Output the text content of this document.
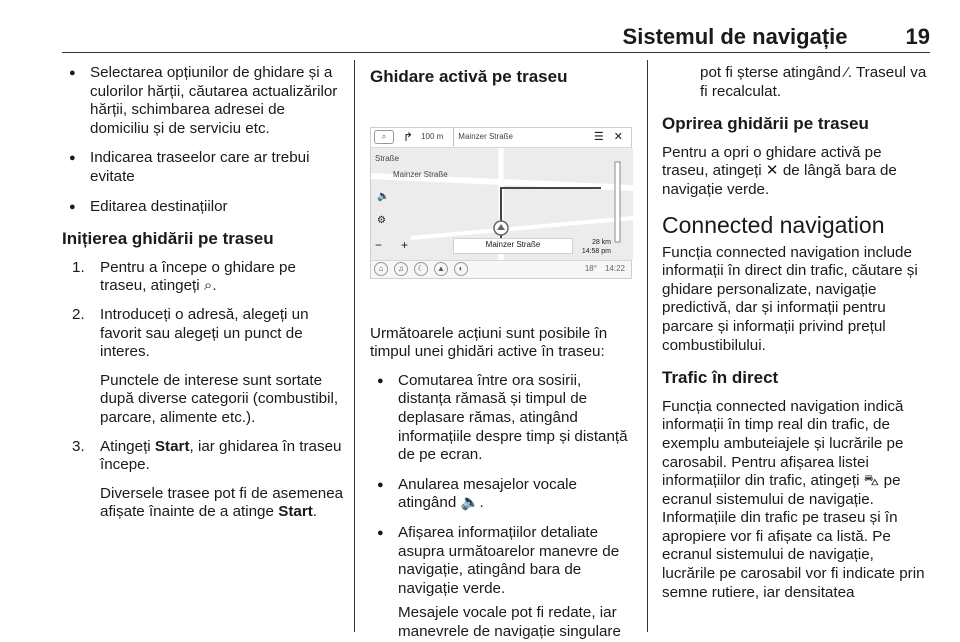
Sistemul de navigație	19
● Selectarea opțiunilor de ghidare și a culorilor hărții, căutarea actualizărilor hărții, schimbarea adresei de domiciliu și de serviciu etc.
● Indicarea traseelor care ar trebui evitate
● Editarea destinațiilor
Inițierea ghidării pe traseu
1. Pentru a începe o ghidare pe traseu, atingeți ⌕.
2. Introduceți o adresă, alegeți un favorit sau alegeți un punct de interes.
Punctele de interese sunt sortate după diverse categorii (combustibil, parcare, alimente etc.).
3. Atingeți Start, iar ghidarea în traseu începe.
Diversele trasee pot fi de asemenea afișate înainte de a atinge Start.
Ghidare activă pe traseu
⌕	↱ 100 m	Mainzer Straße	☰ ✕
Straße
Mainzer Straße
🔈
⚙
− +	Mainzer Straße	28 km
14:58 pm
⌂	♫	☾	▲	◐	18° 14:22
Următoarele acțiuni sunt posibile în timpul unei ghidări active în traseu:
● Comutarea între ora sosirii, distanța rămasă și timpul de deplasare rămas, atingând informațiile despre timp și distanță de pe ecran.
● Anularea mesajelor vocale atingând 🔈.
● Afișarea informațiilor detaliate asupra următoarelor manevre de navigație, atingând bara de navigație verde.
Mesajele vocale pot fi redate, iar manevrele de navigație singulare
pot fi șterse atingând ⁄. Traseul va fi recalculat.
Oprirea ghidării pe traseu
Pentru a opri o ghidare activă pe traseu, atingeți ✕ de lângă bara de navigație verde.
Connected navigation
Funcția connected navigation include informații în direct din trafic, căutare și ghidare personalizate, navigație predictivă, dar și informații pentru parcare și informații privind prețul combustibilului.
Trafic în direct
Funcția connected navigation indică informații în timp real din trafic, de exemplu ambuteiajele și lucrările pe carosabil. Pentru afișarea listei informațiilor din trafic, atingeți ⛍ pe ecranul sistemului de navigație. Informațiile din trafic pe traseu și în apropiere vor fi afișate ca listă. Pe ecranul sistemului de navigație, lucrările pe carosabil vor fi indicate prin semne rutiere, iar densitatea
